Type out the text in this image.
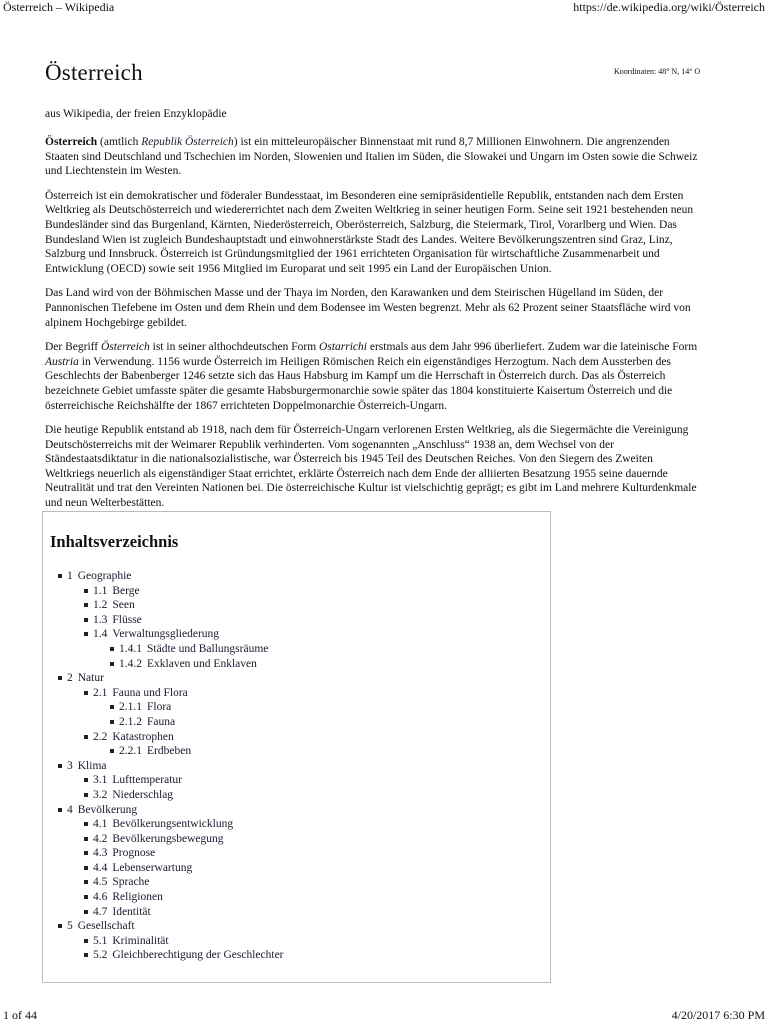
Österreich – Wikipedia	https://de.wikipedia.org/wiki/Österreich
Österreich	Koordinaten: 48° N, 14° O
aus Wikipedia, der freien Enzyklopädie

Österreich (amtlich Republik Österreich) ist ein mitteleuropäischer Binnenstaat mit rund 8,7 Millionen Einwohnern. Die angrenzenden Staaten sind Deutschland und Tschechien im Norden, Slowenien und Italien im Süden, die Slowakei und Ungarn im Osten sowie die Schweiz und Liechtenstein im Westen.

Österreich ist ein demokratischer und föderaler Bundesstaat, im Besonderen eine semipräsidentielle Republik, entstanden nach dem Ersten Weltkrieg als Deutschösterreich und wiedererrichtet nach dem Zweiten Weltkrieg in seiner heutigen Form. Seine seit 1921 bestehenden neun Bundesländer sind das Burgenland, Kärnten, Niederösterreich, Oberösterreich, Salzburg, die Steiermark, Tirol, Vorarlberg und Wien. Das Bundesland Wien ist zugleich Bundeshauptstadt und einwohnerstärkste Stadt des Landes. Weitere Bevölkerungszentren sind Graz, Linz, Salzburg und Innsbruck. Österreich ist Gründungsmitglied der 1961 errichteten Organisation für wirtschaftliche Zusammenarbeit und Entwicklung (OECD) sowie seit 1956 Mitglied im Europarat und seit 1995 ein Land der Europäischen Union.

Das Land wird von der Böhmischen Masse und der Thaya im Norden, den Karawanken und dem Steirischen Hügelland im Süden, der Pannonischen Tiefebene im Osten und dem Rhein und dem Bodensee im Westen begrenzt. Mehr als 62 Prozent seiner Staatsfläche wird von alpinem Hochgebirge gebildet.

Der Begriff Österreich ist in seiner althochdeutschen Form Ostarrichi erstmals aus dem Jahr 996 überliefert. Zudem war die lateinische Form Austria in Verwendung. 1156 wurde Österreich im Heiligen Römischen Reich ein eigenständiges Herzogtum. Nach dem Aussterben des Geschlechts der Babenberger 1246 setzte sich das Haus Habsburg im Kampf um die Herrschaft in Österreich durch. Das als Österreich bezeichnete Gebiet umfasste später die gesamte Habsburgermonarchie sowie später das 1804 konstituierte Kaisertum Österreich und die österreichische Reichshälfte der 1867 errichteten Doppelmonarchie Österreich-Ungarn.

Die heutige Republik entstand ab 1918, nach dem für Österreich-Ungarn verlorenen Ersten Weltkrieg, als die Siegermächte die Vereinigung Deutschösterreichs mit der Weimarer Republik verhinderten. Vom sogenannten „Anschluss“ 1938 an, dem Wechsel von der Ständestaatsdiktatur in die nationalsozialistische, war Österreich bis 1945 Teil des Deutschen Reiches. Von den Siegern des Zweiten Weltkriegs neuerlich als eigenständiger Staat errichtet, erklärte Österreich nach dem Ende der alliierten Besatzung 1955 seine dauernde Neutralität und trat den Vereinten Nationen bei. Die österreichische Kultur ist vielschichtig geprägt; es gibt im Land mehrere Kulturdenkmale und neun Welterbestätten.

Inhaltsverzeichnis
1 Geographie
1.1 Berge
1.2 Seen
1.3 Flüsse
1.4 Verwaltungsgliederung
1.4.1 Städte und Ballungsräume
1.4.2 Exklaven und Enklaven
2 Natur
2.1 Fauna und Flora
2.1.1 Flora
2.1.2 Fauna
2.2 Katastrophen
2.2.1 Erdbeben
3 Klima
3.1 Lufttemperatur
3.2 Niederschlag
4 Bevölkerung
4.1 Bevölkerungsentwicklung
4.2 Bevölkerungsbewegung
4.3 Prognose
4.4 Lebenserwartung
4.5 Sprache
4.6 Religionen
4.7 Identität
5 Gesellschaft
5.1 Kriminalität
5.2 Gleichberechtigung der Geschlechter
1 of 44	4/20/2017 6:30 PM
